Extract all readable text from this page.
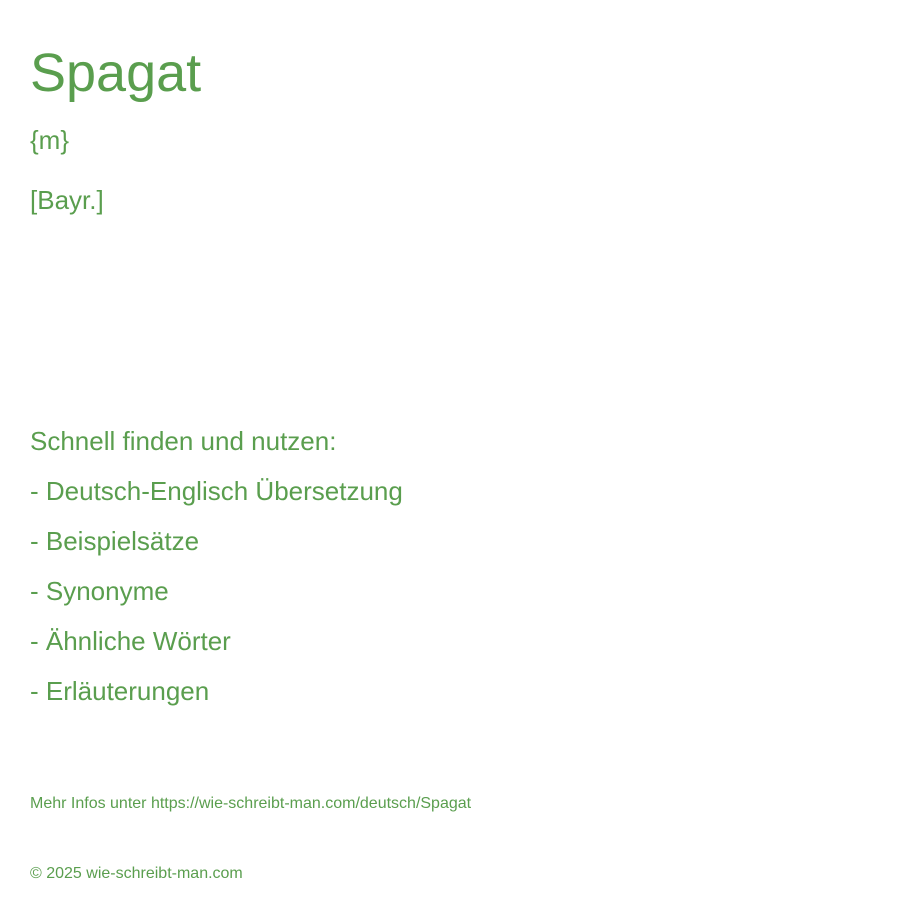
Spagat
{m}
[Bayr.]
Schnell finden und nutzen:
- Deutsch-Englisch Übersetzung
- Beispielsätze
- Synonyme
- Ähnliche Wörter
- Erläuterungen
Mehr Infos unter https://wie-schreibt-man.com/deutsch/Spagat
© 2025 wie-schreibt-man.com
